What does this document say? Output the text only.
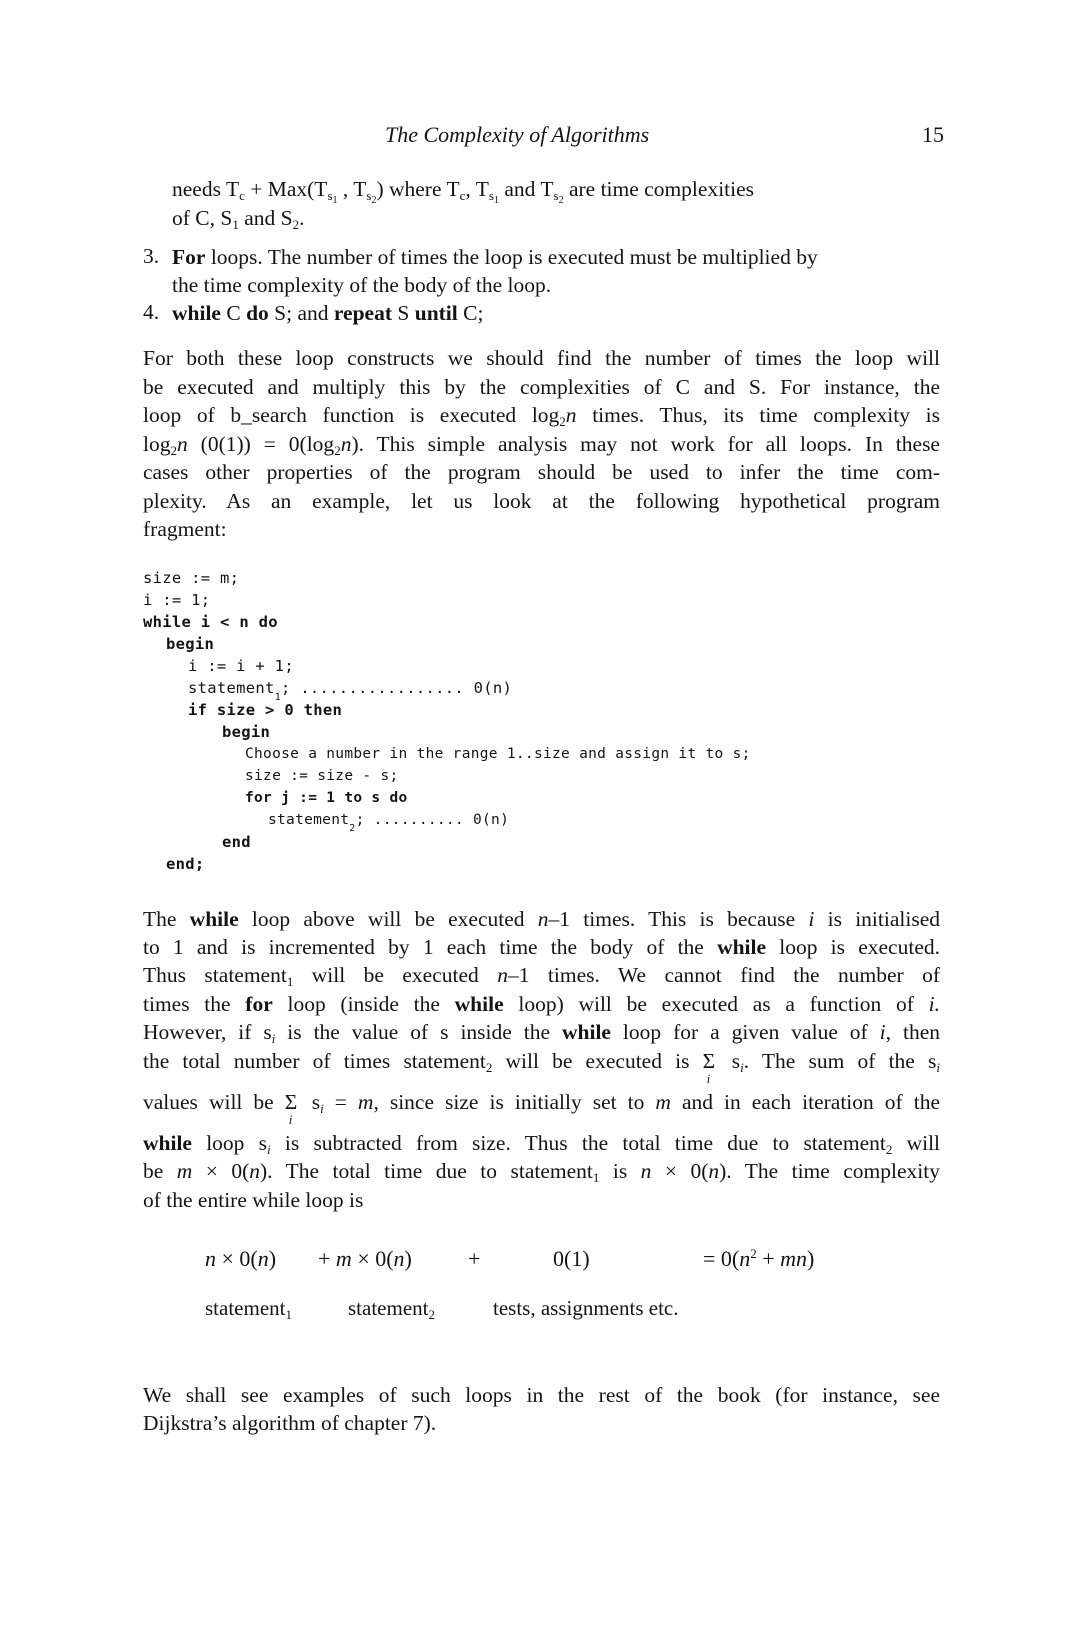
The Complexity of Algorithms	15
needs $T_c + Max(T_{s1}$ , $T_{s2}$) where $T_c$, $T_{s1}$ and $T_{s2}$ are time complexities
of C, $S_1$ and $S_2$.
3. For loops. The number of times the loop is executed must be multiplied by
the time complexity of the body of the loop.
4. while C do S; and repeat S until C;
For both these loop constructs we should find the number of times the loop will
be executed and multiply this by the complexities of C and S. For instance, the
loop of b_search function is executed $\log_2n$ times. Thus, its time complexity is
$\log_2n$ $(0(1)) = 0(\log_2n)$. This simple analysis may not work for all loops. In these
cases other properties of the program should be used to infer the time com-
plexity. As an example, let us look at the following hypothetical program
fragment:
size := m;
i := 1;
while i < n do
begin
i := i + 1;
statement$_1$; ................. 0(n)
if size > 0 then
begin
Choose a number in the range 1..size and assign it to s;
size := size - s;
for j := 1 to s do
statement$_2$; .......... 0(n)
end
end;
The while loop above will be executed n–1 times. This is because i is initialised
to 1 and is incremented by 1 each time the body of the while loop is executed.
Thus statement$_1$ will be executed n–1 times. We cannot find the number of
times the for loop (inside the while loop) will be executed as a function of i.
However, if $s_i$ is the value of s inside the while loop for a given value of i, then
the total number of times statement$_2$ will be executed is Σ
i
$s_i$. The sum of the $s_i$
values will be Σ
i
$s_i = m$, since size is initially set to m and in each iteration of the
while loop $s_i$ is subtracted from size. Thus the total time due to statement$_2$ will
be m × 0(n). The total time due to statement$_1$ is n × 0(n). The time complexity
of the entire while loop is
n × 0(n) + m × 0(n)	+	0(1)	= $0(n^2 + mn)$
statement$_1$	statement$_2$	tests, assignments etc.
We shall see examples of such loops in the rest of the book (for instance, see
Dijkstra’s algorithm of chapter 7).
